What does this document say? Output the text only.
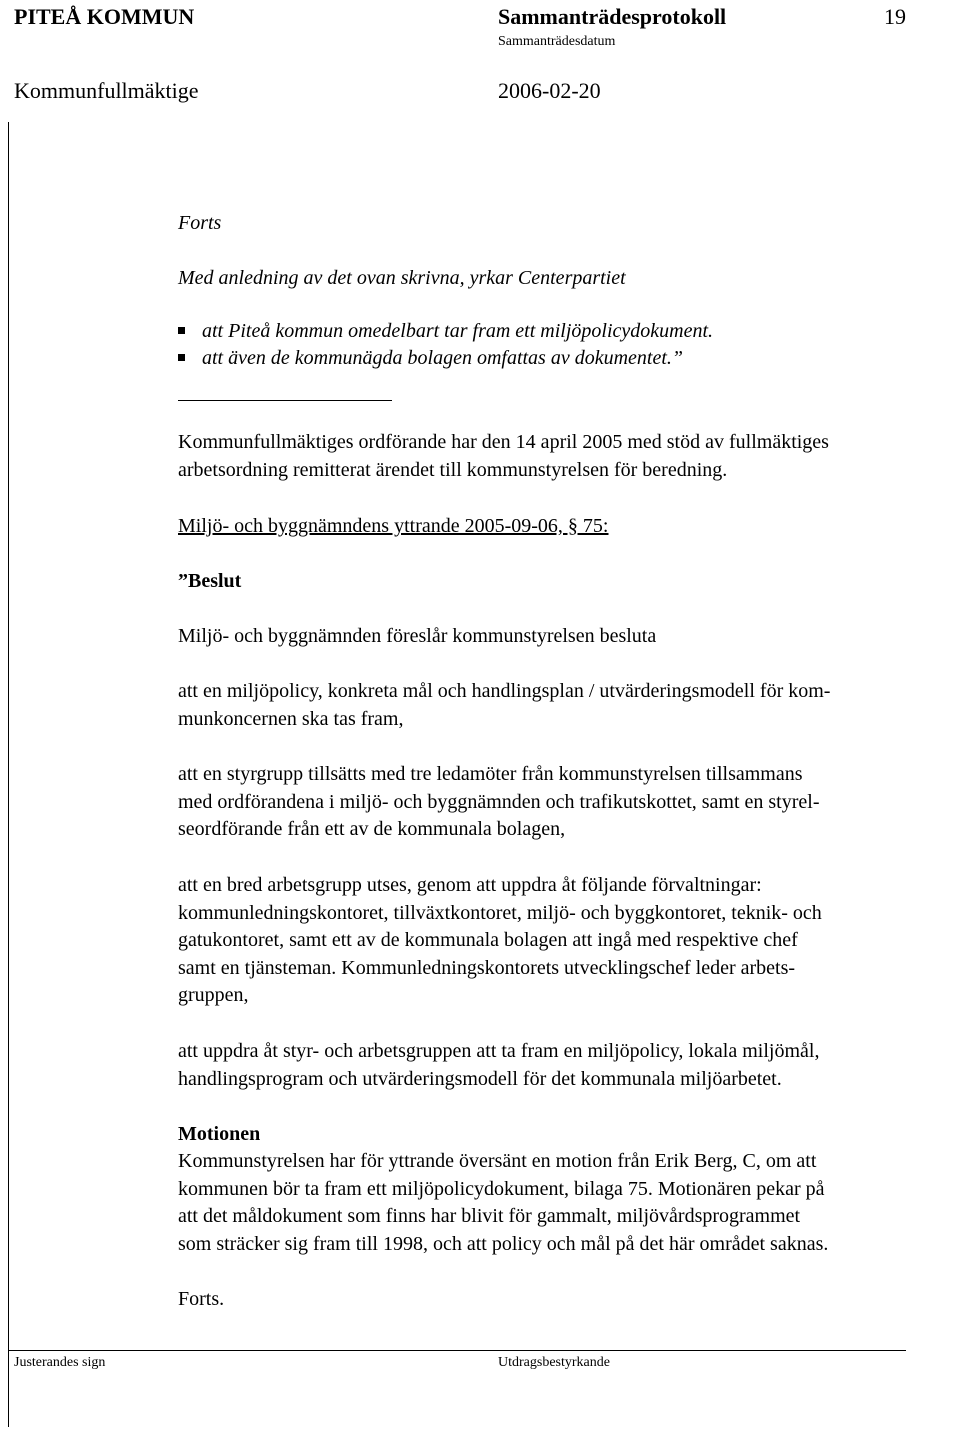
PITEÅ KOMMUN	Sammanträdesprotokoll	19
Sammanträdesdatum
Kommunfullmäktige	2006-02-20
Forts
Med anledning av det ovan skrivna, yrkar Centerpartiet
att Piteå kommun omedelbart tar fram ett miljöpolicydokument.
att även de kommunägda bolagen omfattas av dokumentet.”
Kommunfullmäktiges ordförande har den 14 april 2005 med stöd av fullmäktiges
arbetsordning remitterat ärendet till kommunstyrelsen för beredning.
Miljö- och byggnämndens yttrande 2005-09-06, § 75:
”Beslut
Miljö- och byggnämnden föreslår kommunstyrelsen besluta
att en miljöpolicy, konkreta mål och handlingsplan / utvärderingsmodell för kom-
munkoncernen ska tas fram,
att en styrgrupp tillsätts med tre ledamöter från kommunstyrelsen tillsammans
med ordförandena i miljö- och byggnämnden och trafikutskottet, samt en styrel-
seordförande från ett av de kommunala bolagen,
att en bred arbetsgrupp utses, genom att uppdra åt följande förvaltningar:
kommunledningskontoret, tillväxtkontoret, miljö- och byggkontoret, teknik- och
gatukontoret, samt ett av de kommunala bolagen att ingå med respektive chef
samt en tjänsteman. Kommunledningskontorets utvecklingschef leder arbets-
gruppen,
att uppdra åt styr- och arbetsgruppen att ta fram en miljöpolicy, lokala miljömål,
handlingsprogram och utvärderingsmodell för det kommunala miljöarbetet.
Motionen
Kommunstyrelsen har för yttrande översänt en motion från Erik Berg, C, om att
kommunen bör ta fram ett miljöpolicydokument, bilaga 75. Motionären pekar på
att det måldokument som finns har blivit för gammalt, miljövårdsprogrammet
som sträcker sig fram till 1998, och att policy och mål på det här området saknas.
Forts.
Justerandes sign	Utdragsbestyrkande
